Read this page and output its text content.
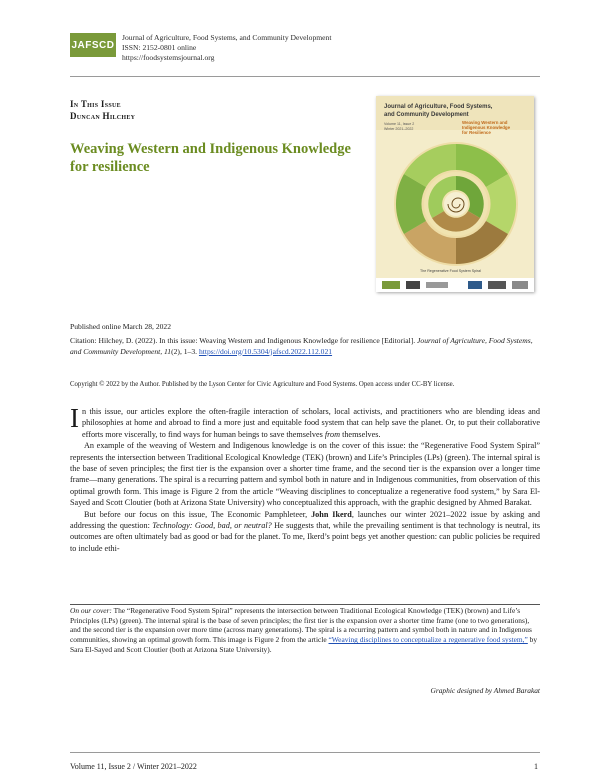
JAFSCD
Journal of Agriculture, Food Systems, and Community Development
ISSN: 2152-0801 online
https://foodsystemsjournal.org
In This Issue
Duncan Hilchey
Weaving Western and Indigenous Knowledge for resilience
Journal of Agriculture, Food Systems,
and Community Development
Volume 11, Issue 2
Winter 2021–2022
Weaving Western and
Indigenous Knowledge
for Resilience
The Regenerative Food System Spiral
Published online March 28, 2022
Citation: Hilchey, D. (2022). In this issue: Weaving Western and Indigenous Knowledge for resilience [Editorial]. Journal of Agriculture, Food Systems, and Community Development, 11(2), 1–3. https://doi.org/10.5304/jafscd.2022.112.021
Copyright © 2022 by the Author. Published by the Lyson Center for Civic Agriculture and Food Systems. Open access under CC-BY license.

In this issue, our articles explore the often-fragile interaction of scholars, local activists, and practitioners who are blending ideas and philosophies at home and abroad to find a more just and equitable food system that can help save the planet. Or, to put their collaborative efforts more viscerally, to find ways for human beings to save themselves from themselves.

An example of the weaving of Western and Indigenous knowledge is on the cover of this issue: the “Regenerative Food System Spiral” represents the intersection between Traditional Ecological Knowledge (TEK) (brown) and Life’s Principles (LPs) (green). The internal spiral is the base of seven principles; the first tier is the expansion over a shorter time frame, and the second tier is the expansion over a longer time frame—many generations. The spiral is a recurring pattern and symbol both in nature and in Indigenous communities, from observation of this optimal growth form. This image is Figure 2 from the article “Weaving disciplines to conceptualize a regenerative food system,” by Sara El-Sayed and Scott Cloutier (both at Arizona State University) who conceptualized this approach, with the graphic designed by Ahmed Barakat.

But before our focus on this issue, The Economic Pamphleteer, John Ikerd, launches our winter 2021–2022 issue by asking and addressing the question: Technology: Good, bad, or neutral? He suggests that, while the prevailing sentiment is that technology is neutral, its outcomes are often ultimately bad as good or bad for the planet. To me, Ikerd’s point begs yet another question: can public policies be required to include ethi-

On our cover: The “Regenerative Food System Spiral” represents the intersection between Traditional Ecological Knowledge (TEK) (brown) and Life’s Principles (LPs) (green). The internal spiral is the base of seven principles; the first tier is the expansion over a shorter time frame (one to two generations), and the second tier is the expansion over more time (across many generations). The spiral is a recurring pattern and symbol both in nature and in Indigenous communities, showing an optimal growth form. This image is Figure 2 from the article “Weaving disciplines to conceptualize a regenerative food system,” by Sara El-Sayed and Scott Cloutier (both at Arizona State University).
Graphic designed by Ahmed Barakat
Volume 11, Issue 2 / Winter 2021–2022	1
